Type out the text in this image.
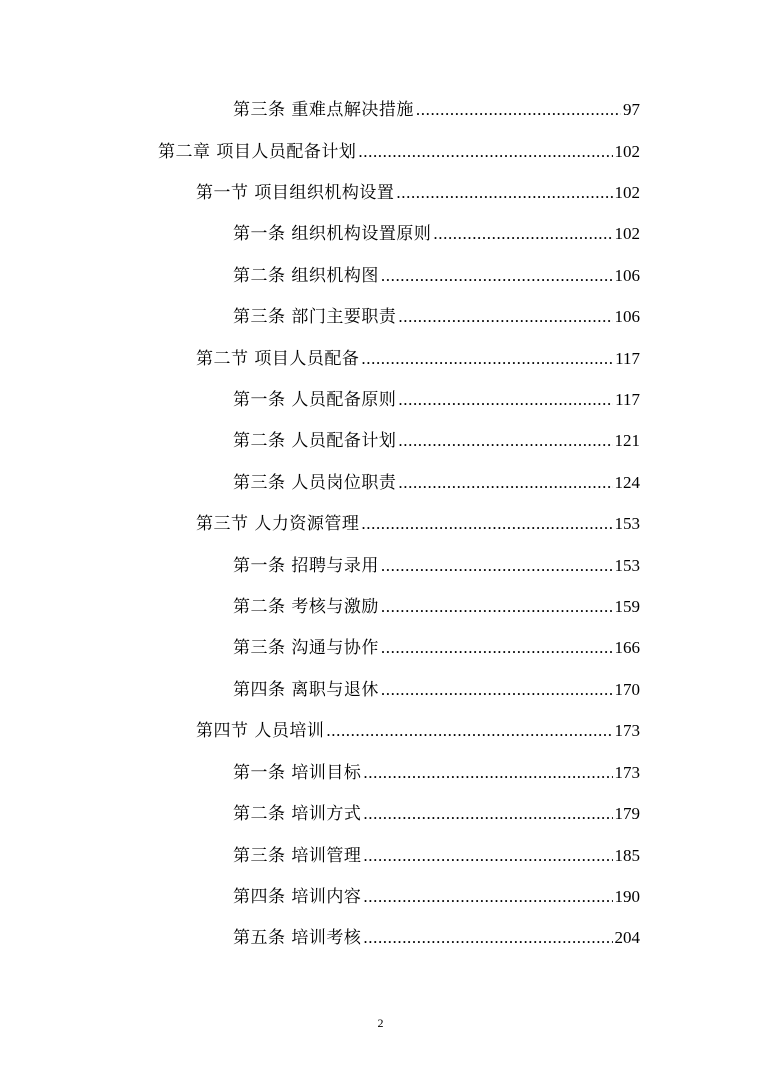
第三条 重难点解决措施 .....	97
第二章 项目人员配备计划 .....	102
第一节 项目组织机构设置 .....	102
第一条 组织机构设置原则 .....	102
第二条 组织机构图 .....	106
第三条 部门主要职责 .....	106
第二节 项目人员配备 .....	117
第一条 人员配备原则 .....	117
第二条 人员配备计划 .....	121
第三条 人员岗位职责 .....	124
第三节 人力资源管理 .....	153
第一条 招聘与录用 .....	153
第二条 考核与激励 .....	159
第三条 沟通与协作 .....	166
第四条 离职与退休 .....	170
第四节 人员培训 .....	173
第一条 培训目标 .....	173
第二条 培训方式 .....	179
第三条 培训管理 .....	185
第四条 培训内容 .....	190
第五条 培训考核 .....	204
2
